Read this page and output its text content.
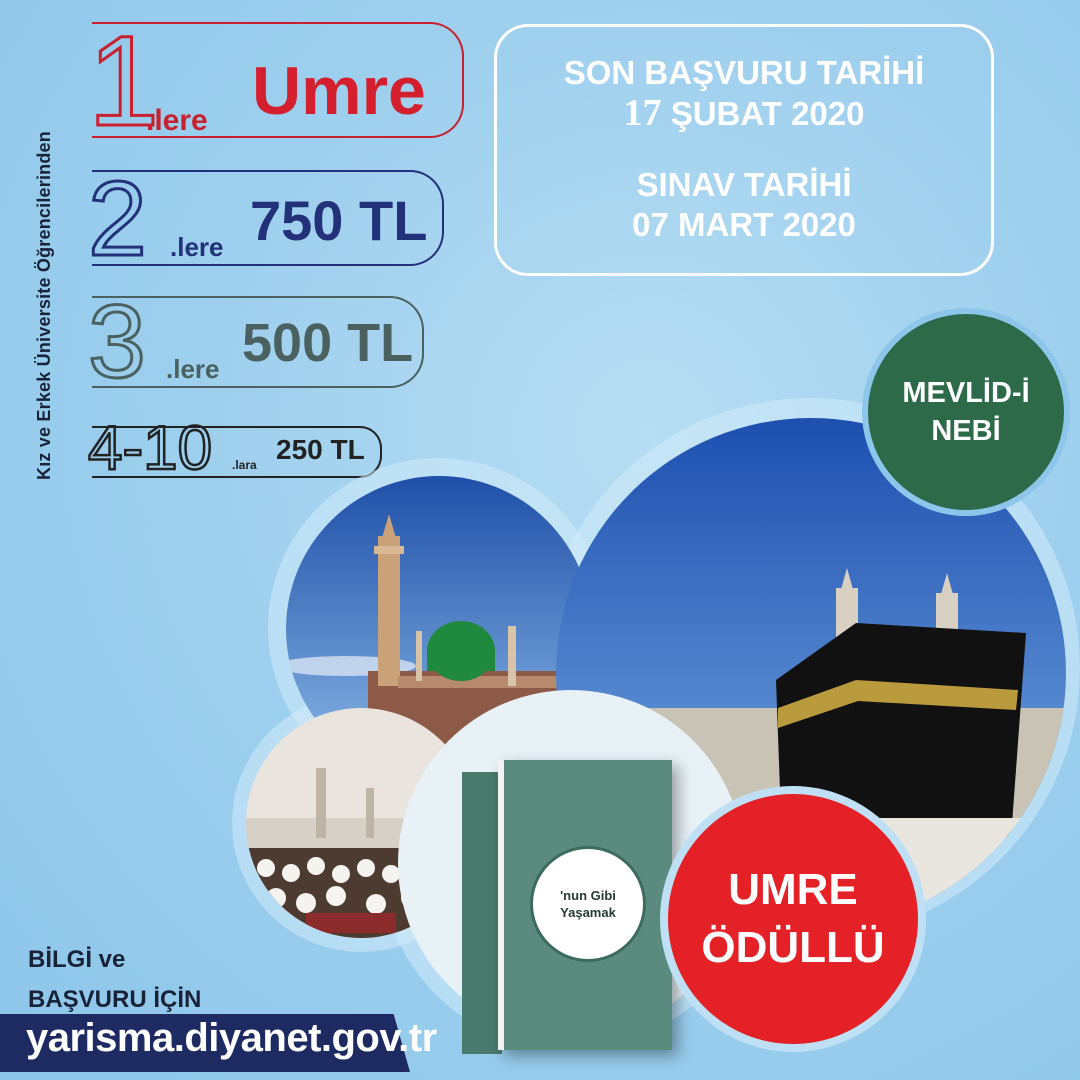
Kız ve Erkek Üniversite Öğrencilerinden
1
.lere Umre
2 .lere 750 TL
3 .lere 500 TL
4-10 .lara 250 TL
SON BAŞVURU TARİHİ
17 ŞUBAT 2020
SINAV TARİHİ
07 MART 2020
'nun Gibi
Yaşamak
MEVLİD-İ
NEBİ
UMRE
ÖDÜLLÜ
BİLGİ ve
BAŞVURU İÇİN
yarisma.diyanet.gov.tr
